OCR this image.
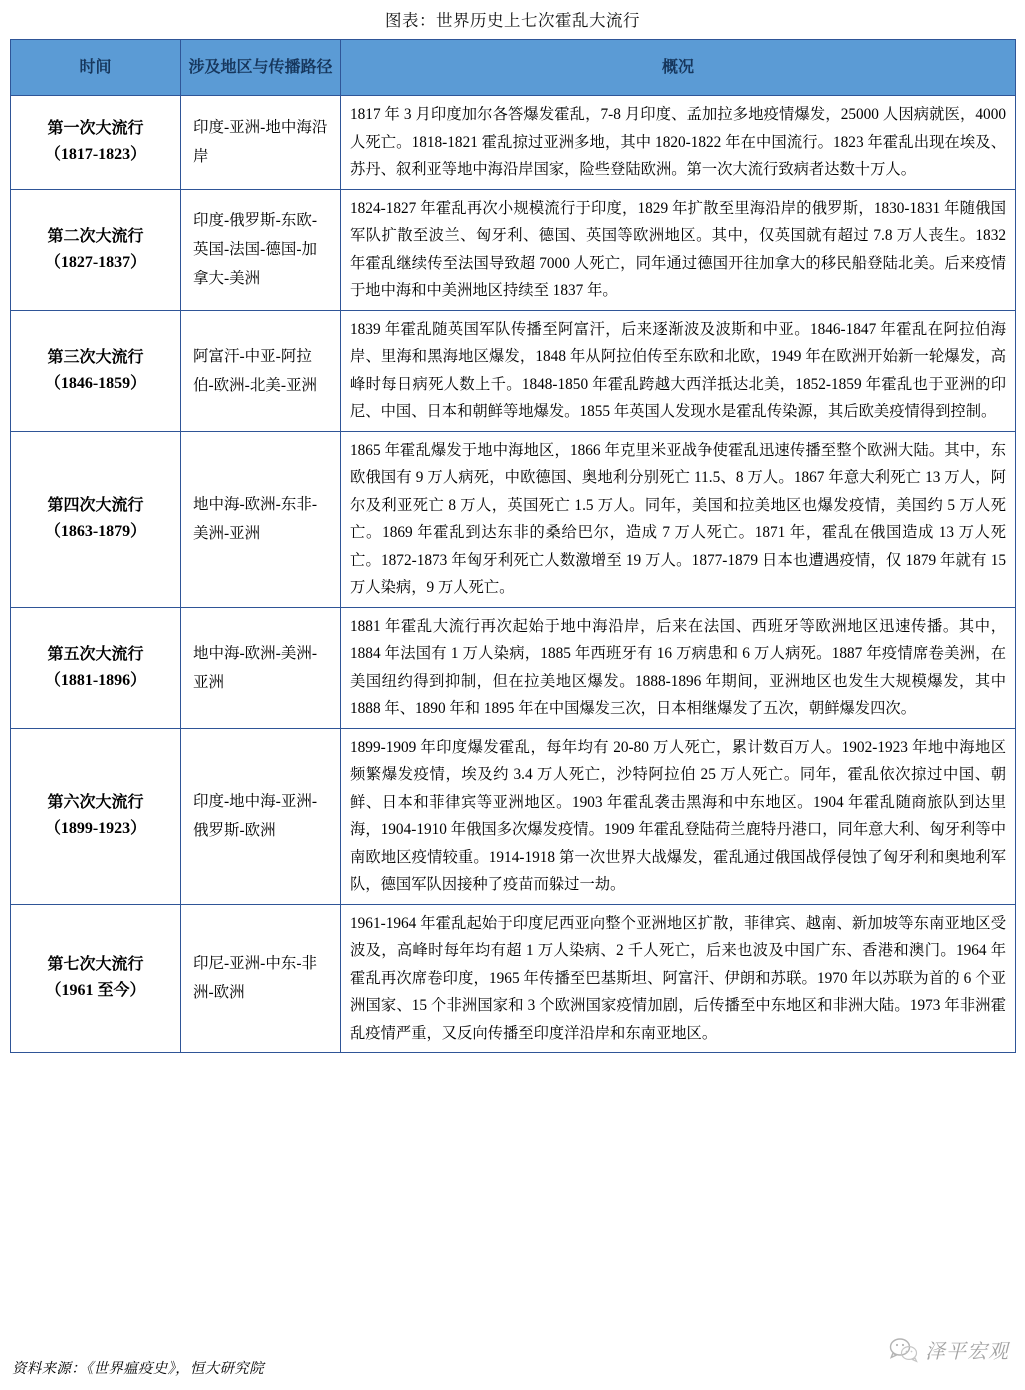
图表：世界历史上七次霍乱大流行
时间	涉及地区与传播路径	概况

第一次大流行
（1817-1823）	印度-亚洲-地中海沿岸	1817 年 3 月印度加尔各答爆发霍乱，7-8 月印度、孟加拉多地疫情爆发，25000 人因病就医，4000 人死亡。1818-1821 霍乱掠过亚洲多地，其中 1820-1822 年在中国流行。1823 年霍乱出现在埃及、苏丹、叙利亚等地中海沿岸国家，险些登陆欧洲。第一次大流行致病者达数十万人。

第二次大流行
（1827-1837）	印度-俄罗斯-东欧-英国-法国-德国-加拿大-美洲	1824-1827 年霍乱再次小规模流行于印度，1829 年扩散至里海沿岸的俄罗斯，1830-1831 年随俄国军队扩散至波兰、匈牙利、德国、英国等欧洲地区。其中，仅英国就有超过 7.8 万人丧生。1832 年霍乱继续传至法国导致超 7000 人死亡，同年通过德国开往加拿大的移民船登陆北美。后来疫情于地中海和中美洲地区持续至 1837 年。

第三次大流行
（1846-1859）	阿富汗-中亚-阿拉伯-欧洲-北美-亚洲	1839 年霍乱随英国军队传播至阿富汗，后来逐渐波及波斯和中亚。1846-1847 年霍乱在阿拉伯海岸、里海和黑海地区爆发，1848 年从阿拉伯传至东欧和北欧，1949 年在欧洲开始新一轮爆发，高峰时每日病死人数上千。1848-1850 年霍乱跨越大西洋抵达北美，1852-1859 年霍乱也于亚洲的印尼、中国、日本和朝鲜等地爆发。1855 年英国人发现水是霍乱传染源，其后欧美疫情得到控制。

第四次大流行
（1863-1879）	地中海-欧洲-东非-美洲-亚洲	1865 年霍乱爆发于地中海地区，1866 年克里米亚战争使霍乱迅速传播至整个欧洲大陆。其中，东欧俄国有 9 万人病死，中欧德国、奥地利分别死亡 11.5、8 万人。1867 年意大利死亡 13 万人，阿尔及利亚死亡 8 万人，英国死亡 1.5 万人。同年，美国和拉美地区也爆发疫情，美国约 5 万人死亡。1869 年霍乱到达东非的桑给巴尔，造成 7 万人死亡。1871 年，霍乱在俄国造成 13 万人死亡。1872-1873 年匈牙利死亡人数激增至 19 万人。1877-1879 日本也遭遇疫情，仅 1879 年就有 15 万人染病，9 万人死亡。

第五次大流行
（1881-1896）	地中海-欧洲-美洲-亚洲	1881 年霍乱大流行再次起始于地中海沿岸，后来在法国、西班牙等欧洲地区迅速传播。其中，1884 年法国有 1 万人染病，1885 年西班牙有 16 万病患和 6 万人病死。1887 年疫情席卷美洲，在美国纽约得到抑制，但在拉美地区爆发。1888-1896 年期间，亚洲地区也发生大规模爆发，其中 1888 年、1890 年和 1895 年在中国爆发三次，日本相继爆发了五次，朝鲜爆发四次。

第六次大流行
（1899-1923）	印度-地中海-亚洲-俄罗斯-欧洲	1899-1909 年印度爆发霍乱，每年均有 20-80 万人死亡，累计数百万人。1902-1923 年地中海地区频繁爆发疫情，埃及约 3.4 万人死亡，沙特阿拉伯 25 万人死亡。同年，霍乱依次掠过中国、朝鲜、日本和菲律宾等亚洲地区。1903 年霍乱袭击黑海和中东地区。1904 年霍乱随商旅队到达里海，1904-1910 年俄国多次爆发疫情。1909 年霍乱登陆荷兰鹿特丹港口，同年意大利、匈牙利等中南欧地区疫情较重。1914-1918 第一次世界大战爆发，霍乱通过俄国战俘侵蚀了匈牙利和奥地利军队，德国军队因接种了疫苗而躲过一劫。

第七次大流行
（1961 至今）	印尼-亚洲-中东-非洲-欧洲	1961-1964 年霍乱起始于印度尼西亚向整个亚洲地区扩散，菲律宾、越南、新加坡等东南亚地区受波及，高峰时每年均有超 1 万人染病、2 千人死亡，后来也波及中国广东、香港和澳门。1964 年霍乱再次席卷印度，1965 年传播至巴基斯坦、阿富汗、伊朗和苏联。1970 年以苏联为首的 6 个亚洲国家、15 个非洲国家和 3 个欧洲国家疫情加剧，后传播至中东地区和非洲大陆。1973 年非洲霍乱疫情严重，又反向传播至印度洋沿岸和东南亚地区。
资料来源：《世界瘟疫史》，恒大研究院
泽平宏观
